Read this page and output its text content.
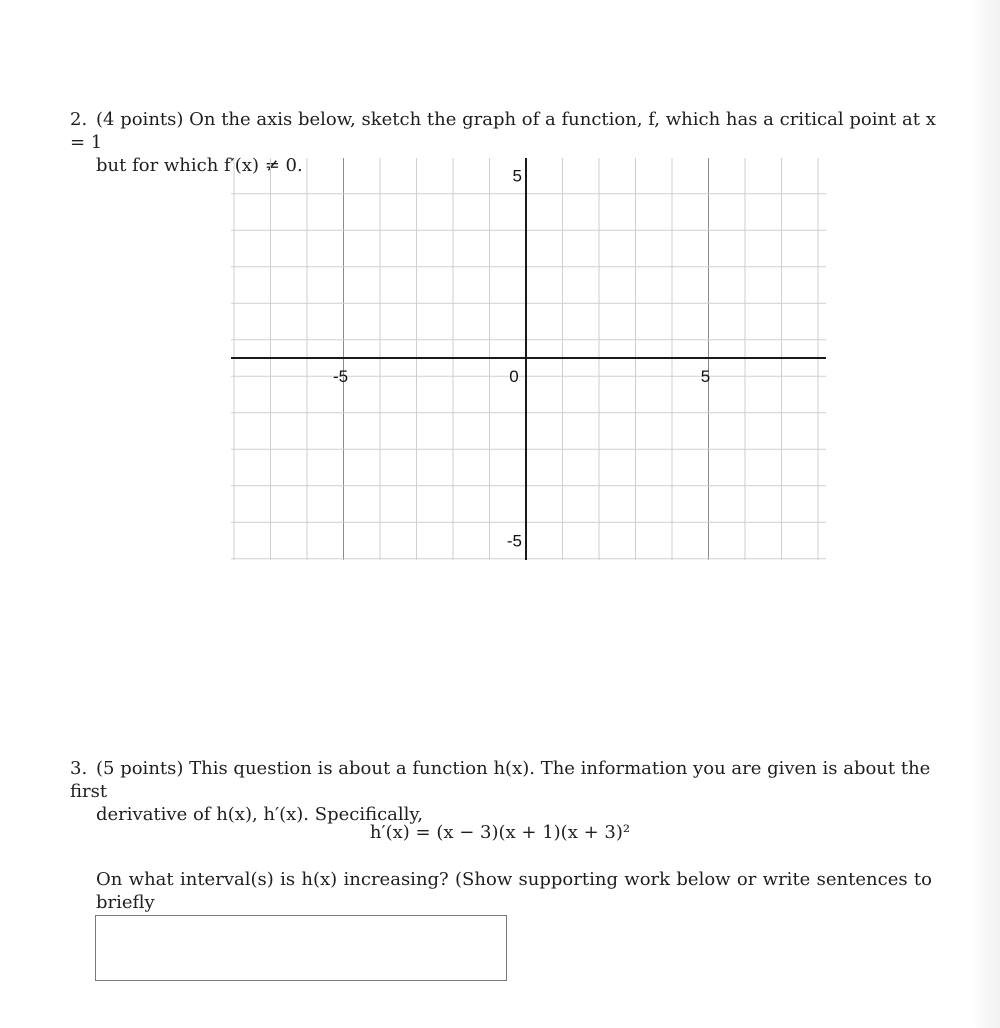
2. (4 points) On the axis below, sketch the graph of a function, f, which has a critical point at x = 1
but for which f′(x) ≠ 0.
-5	0	5
5
-5
3. (5 points) This question is about a function h(x). The information you are given is about the first
derivative of h(x), h′(x). Specifically,
h′(x) = (x − 3)(x + 1)(x + 3)²
On what interval(s) is h(x) increasing? (Show supporting work below or write sentences to briefly
